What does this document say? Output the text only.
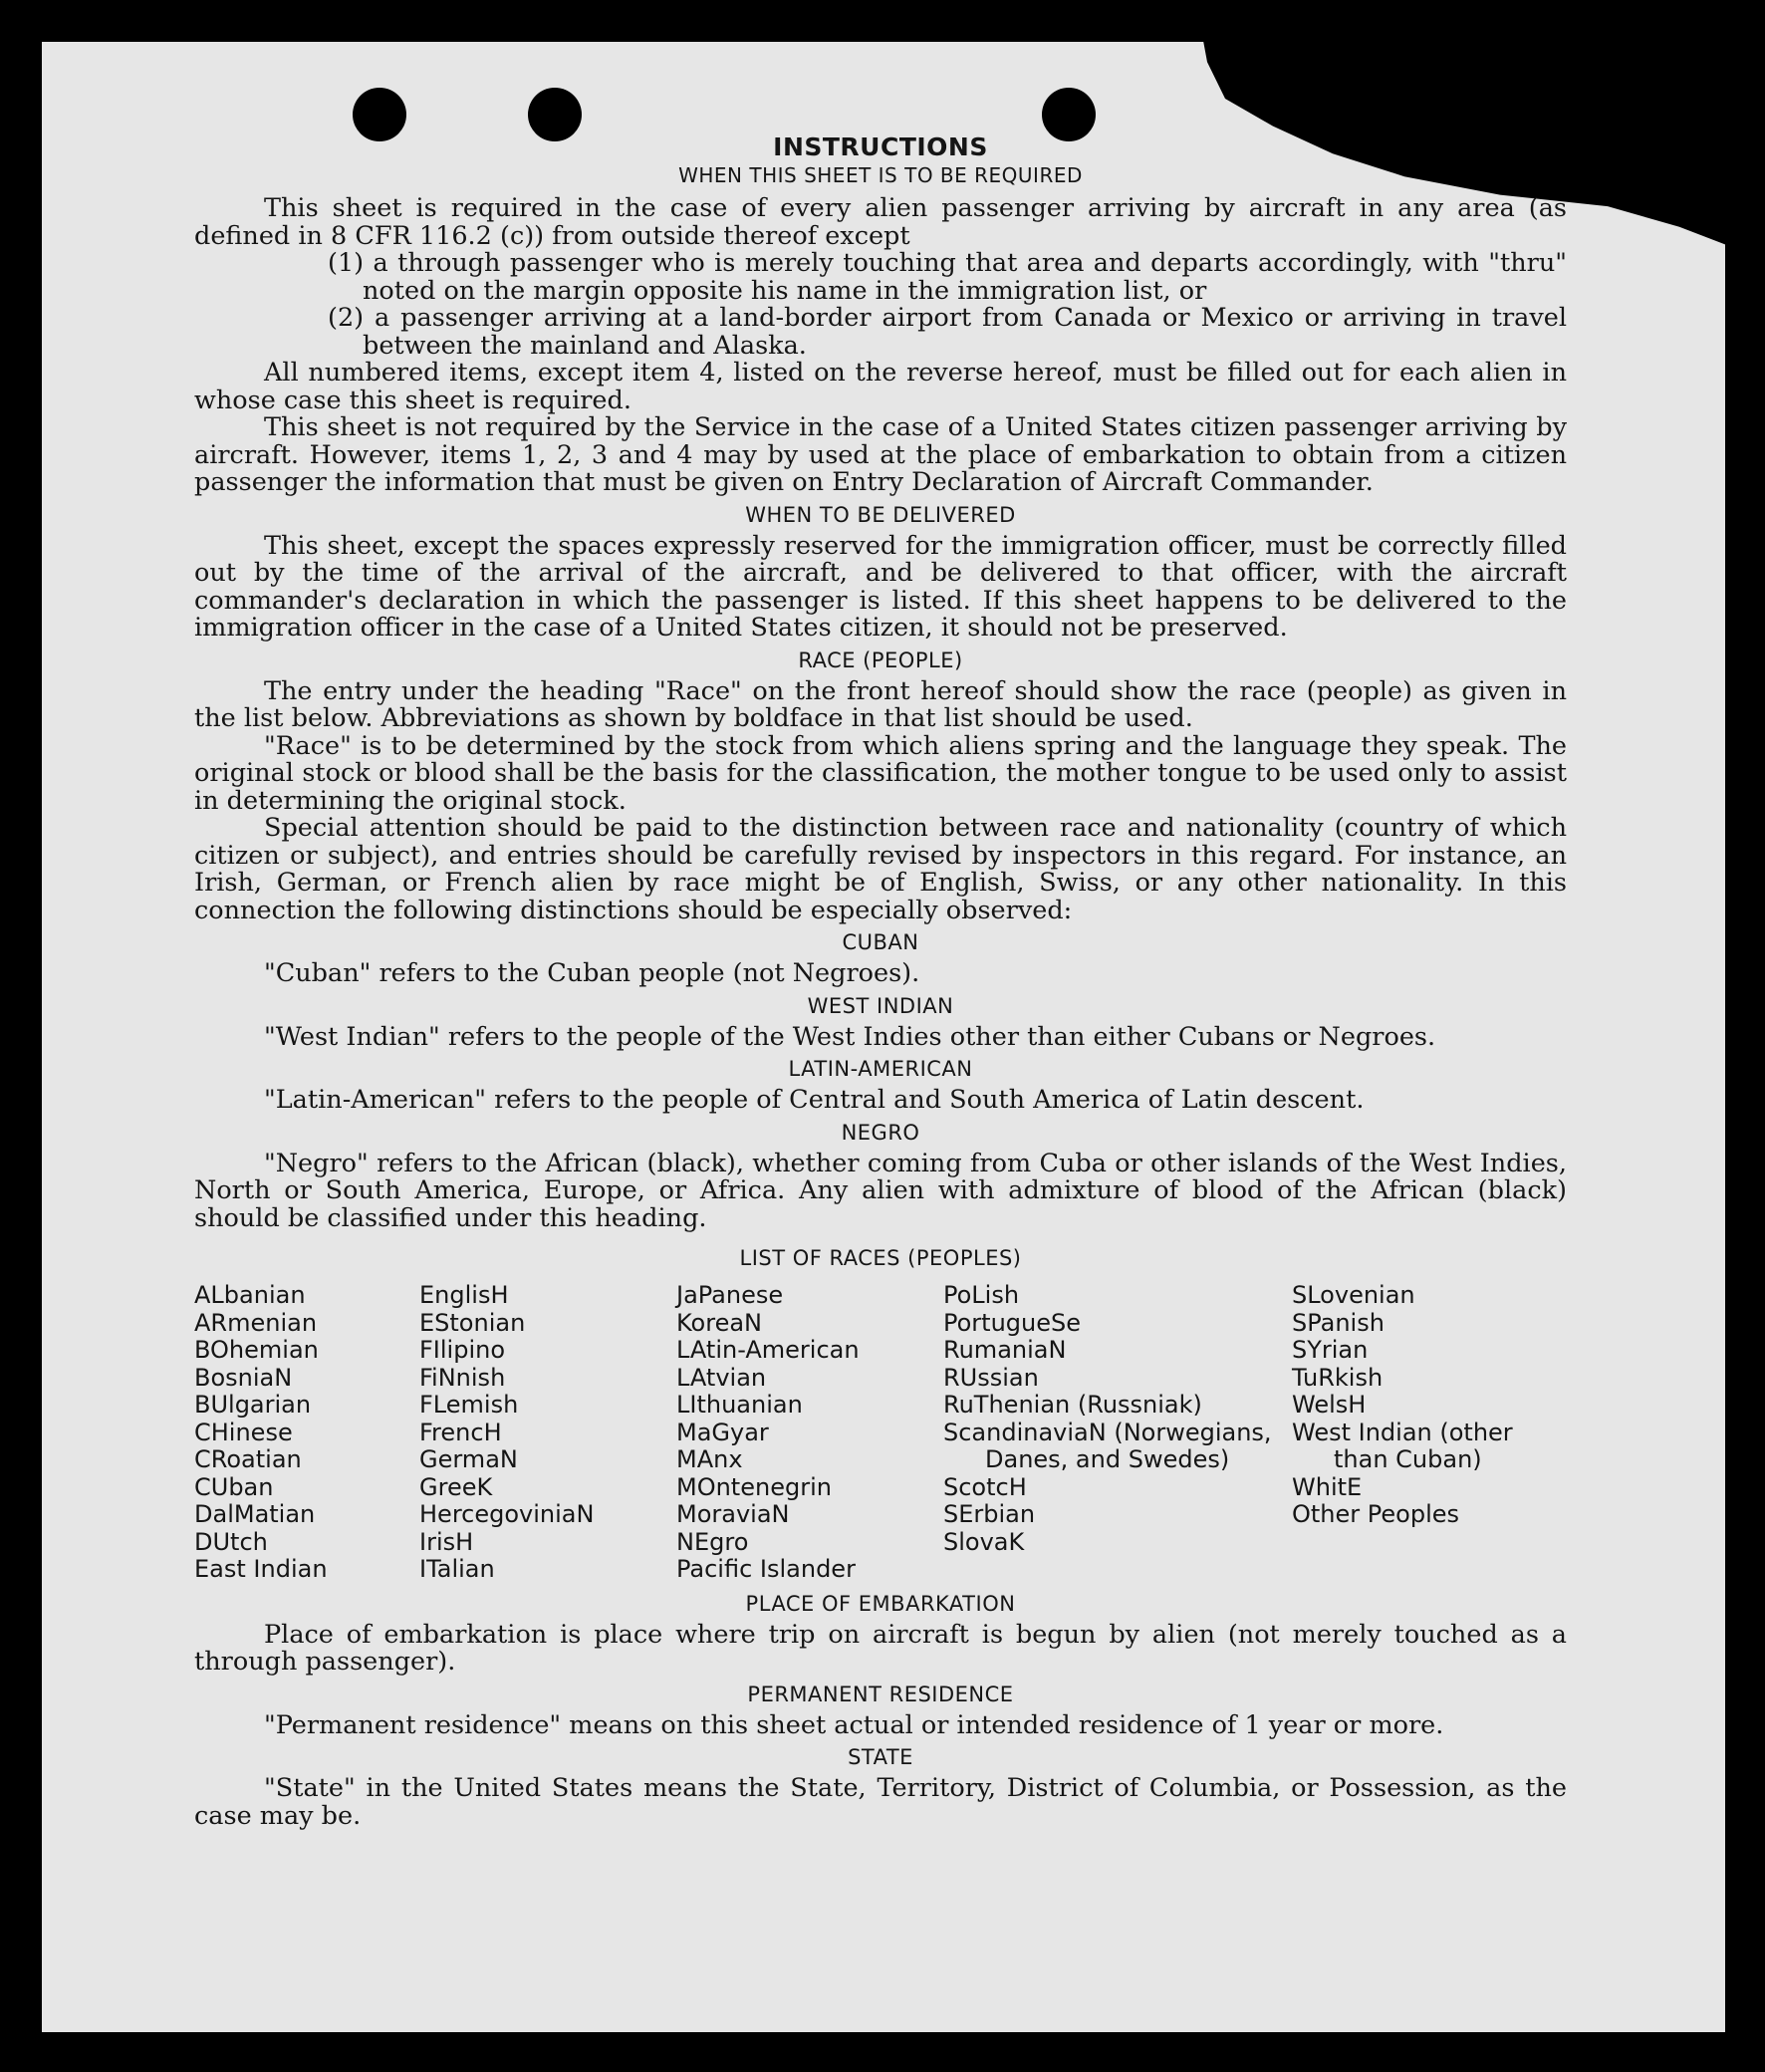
INSTRUCTIONS
WHEN THIS SHEET IS TO BE REQUIRED

This sheet is required in the case of every alien passenger arriving by aircraft in any area (as defined in 8 CFR 116.2 (c)) from outside thereof except

(1) a through passenger who is merely touching that area and departs accordingly, with "thru" noted on the margin opposite his name in the immigration list, or

(2) a passenger arriving at a land-border airport from Canada or Mexico or arriving in travel between the mainland and Alaska.

All numbered items, except item 4, listed on the reverse hereof, must be filled out for each alien in whose case this sheet is required.

This sheet is not required by the Service in the case of a United States citizen passenger arriving by aircraft. However, items 1, 2, 3 and 4 may by used at the place of embarkation to obtain from a citizen passenger the information that must be given on Entry Declaration of Aircraft Commander.

WHEN TO BE DELIVERED

This sheet, except the spaces expressly reserved for the immigration officer, must be correctly filled out by the time of the arrival of the aircraft, and be delivered to that officer, with the aircraft commander's declaration in which the passenger is listed. If this sheet happens to be delivered to the immigration officer in the case of a United States citizen, it should not be preserved.

RACE (PEOPLE)

The entry under the heading "Race" on the front hereof should show the race (people) as given in the list below. Abbreviations as shown by boldface in that list should be used.

"Race" is to be determined by the stock from which aliens spring and the language they speak. The original stock or blood shall be the basis for the classification, the mother tongue to be used only to assist in determining the original stock.

Special attention should be paid to the distinction between race and nationality (country of which citizen or subject), and entries should be carefully revised by inspectors in this regard. For instance, an Irish, German, or French alien by race might be of English, Swiss, or any other nationality. In this connection the following distinctions should be especially observed:

CUBAN

"Cuban" refers to the Cuban people (not Negroes).

WEST INDIAN

"West Indian" refers to the people of the West Indies other than either Cubans or Negroes.

LATIN-AMERICAN

"Latin-American" refers to the people of Central and South America of Latin descent.

NEGRO

"Negro" refers to the African (black), whether coming from Cuba or other islands of the West Indies, North or South America, Europe, or Africa. Any alien with admixture of blood of the African (black) should be classified under this heading.

LIST OF RACES (PEOPLES)
ALbanian
ARmenian
BOhemian
BosniaN
BUlgarian
CHinese
CRoatian
CUban
DalMatian
DUtch
East Indian
EnglisH
EStonian
FIlipino
FiNnish
FLemish
FrencH
GermaN
GreeK
HercegoviniaN
IrisH
ITalian
JaPanese
KoreaN
LAtin-American
LAtvian
LIthuanian
MaGyar
MAnx
MOntenegrin
MoraviaN
NEgro
Pacific Islander
PoLish
PortugueSe
RumaniaN
RUssian
RuThenian (Russniak)
ScandinaviaN (Norwegians, Danes, and Swedes)
ScotcH
SErbian
SlovaK
SLovenian
SPanish
SYrian
TuRkish
WelsH
West Indian (other than Cuban)
WhitE
Other Peoples
PLACE OF EMBARKATION

Place of embarkation is place where trip on aircraft is begun by alien (not merely touched as a through passenger).

PERMANENT RESIDENCE

"Permanent residence" means on this sheet actual or intended residence of 1 year or more.

STATE

"State" in the United States means the State, Territory, District of Columbia, or Possession, as the case may be.
